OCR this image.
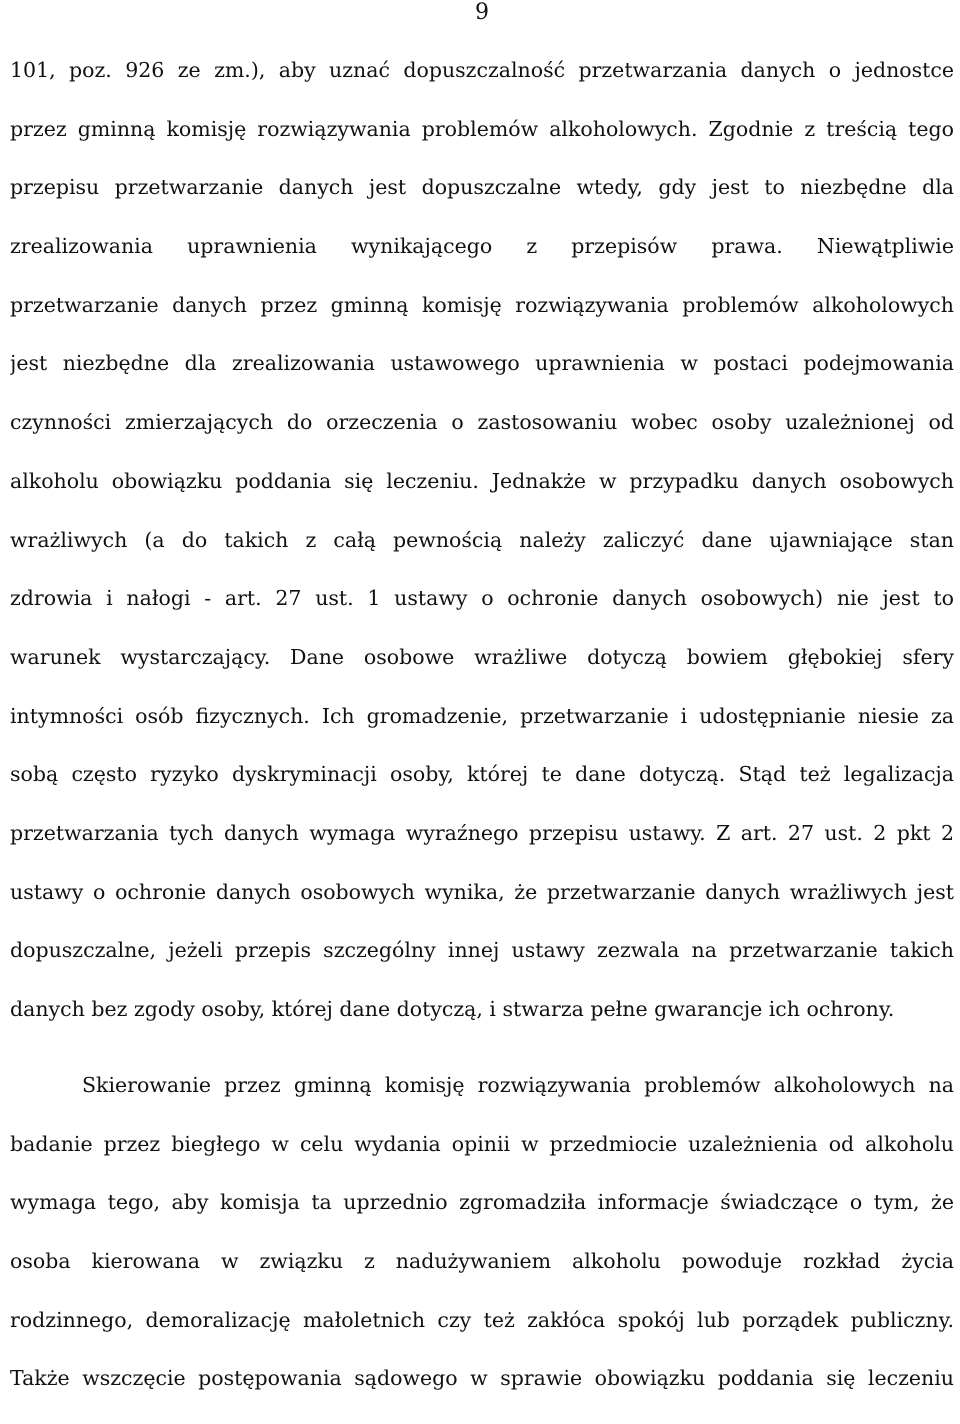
9
101, poz. 926 ze zm.), aby uznać dopuszczalność przetwarzania danych o jednostce
przez gminną komisję rozwiązywania problemów alkoholowych. Zgodnie z treścią tego
przepisu przetwarzanie danych jest dopuszczalne wtedy, gdy jest to niezbędne dla
zrealizowania uprawnienia wynikającego z przepisów prawa. Niewątpliwie
przetwarzanie danych przez gminną komisję rozwiązywania problemów alkoholowych
jest niezbędne dla zrealizowania ustawowego uprawnienia w postaci podejmowania
czynności zmierzających do orzeczenia o zastosowaniu wobec osoby uzależnionej od
alkoholu obowiązku poddania się leczeniu. Jednakże w przypadku danych osobowych
wrażliwych (a do takich z całą pewnością należy zaliczyć dane ujawniające stan
zdrowia i nałogi - art. 27 ust. 1 ustawy o ochronie danych osobowych) nie jest to
warunek wystarczający. Dane osobowe wrażliwe dotyczą bowiem głębokiej sfery
intymności osób fizycznych. Ich gromadzenie, przetwarzanie i udostępnianie niesie za
sobą często ryzyko dyskryminacji osoby, której te dane dotyczą. Stąd też legalizacja
przetwarzania tych danych wymaga wyraźnego przepisu ustawy. Z art. 27 ust. 2 pkt 2
ustawy o ochronie danych osobowych wynika, że przetwarzanie danych wrażliwych jest
dopuszczalne, jeżeli przepis szczególny innej ustawy zezwala na przetwarzanie takich
danych bez zgody osoby, której dane dotyczą, i stwarza pełne gwarancje ich ochrony.
Skierowanie przez gminną komisję rozwiązywania problemów alkoholowych na
badanie przez biegłego w celu wydania opinii w przedmiocie uzależnienia od alkoholu
wymaga tego, aby komisja ta uprzednio zgromadziła informacje świadczące o tym, że
osoba kierowana w związku z nadużywaniem alkoholu powoduje rozkład życia
rodzinnego, demoralizację małoletnich czy też zakłóca spokój lub porządek publiczny.
Także wszczęcie postępowania sądowego w sprawie obowiązku poddania się leczeniu
